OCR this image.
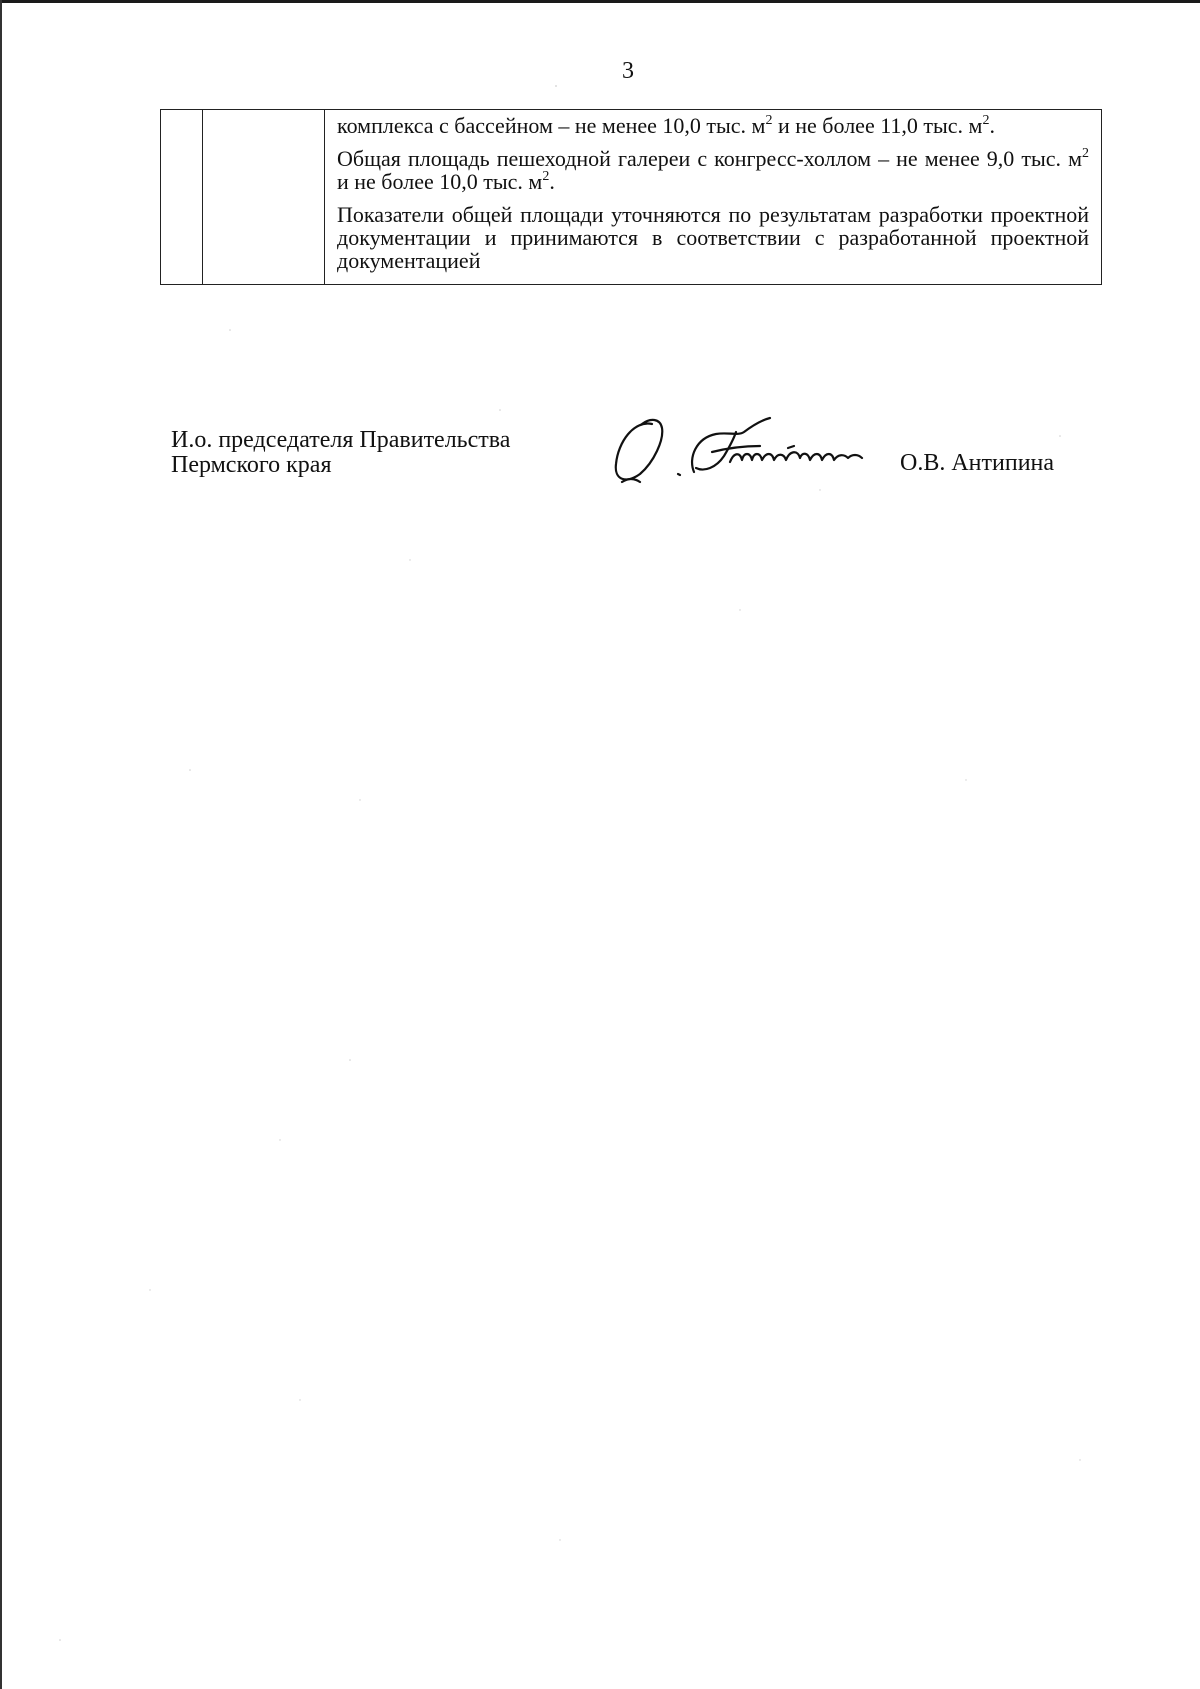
3

комплекса с бассейном – не менее 10,0 тыс. $м^2$ и не более 11,0 тыс. $м^2$.

Общая площадь пешеходной галереи с конгресс-холлом – не менее 9,0 тыс. $м^2$ и не более 10,0 тыс. $м^2$.

Показатели общей площади уточняются по результатам разработки проектной документации и принимаются в соответствии с разработанной проектной документацией

И.о. председателя Правительства
Пермского края	О.В. Антипина
